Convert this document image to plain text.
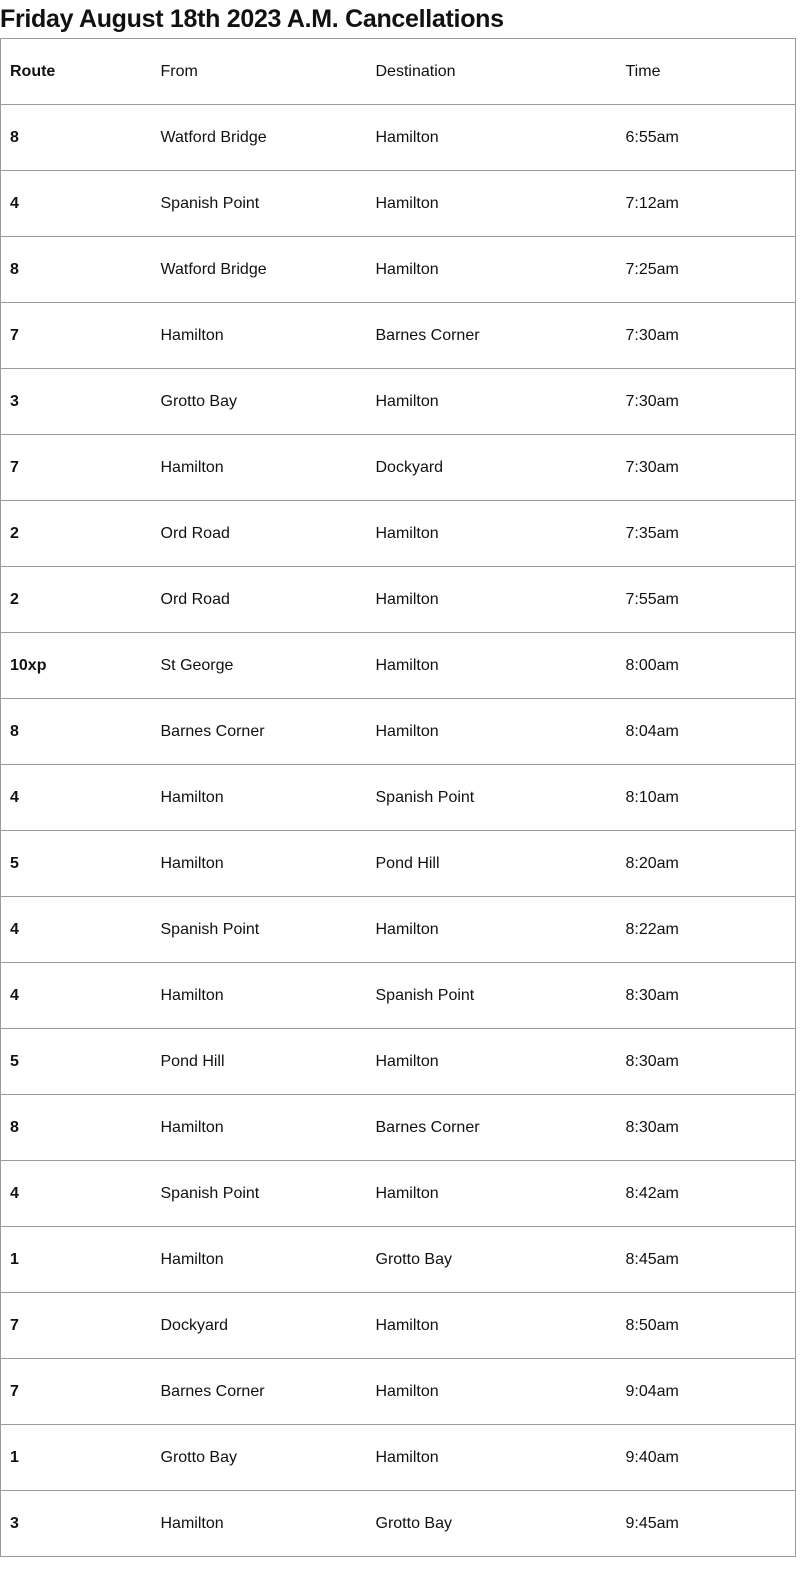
Friday August 18th 2023 A.M. Cancellations
Route	From	Destination	Time
8	Watford Bridge	Hamilton	6:55am
4	Spanish Point	Hamilton	7:12am
8	Watford Bridge	Hamilton	7:25am
7	Hamilton	Barnes Corner	7:30am
3	Grotto Bay	Hamilton	7:30am
7	Hamilton	Dockyard	7:30am
2	Ord Road	Hamilton	7:35am
2	Ord Road	Hamilton	7:55am
10xp	St George	Hamilton	8:00am
8	Barnes Corner	Hamilton	8:04am
4	Hamilton	Spanish Point	8:10am
5	Hamilton	Pond Hill	8:20am
4	Spanish Point	Hamilton	8:22am
4	Hamilton	Spanish Point	8:30am
5	Pond Hill	Hamilton	8:30am
8	Hamilton	Barnes Corner	8:30am
4	Spanish Point	Hamilton	8:42am
1	Hamilton	Grotto Bay	8:45am
7	Dockyard	Hamilton	8:50am
7	Barnes Corner	Hamilton	9:04am
1	Grotto Bay	Hamilton	9:40am
3	Hamilton	Grotto Bay	9:45am
